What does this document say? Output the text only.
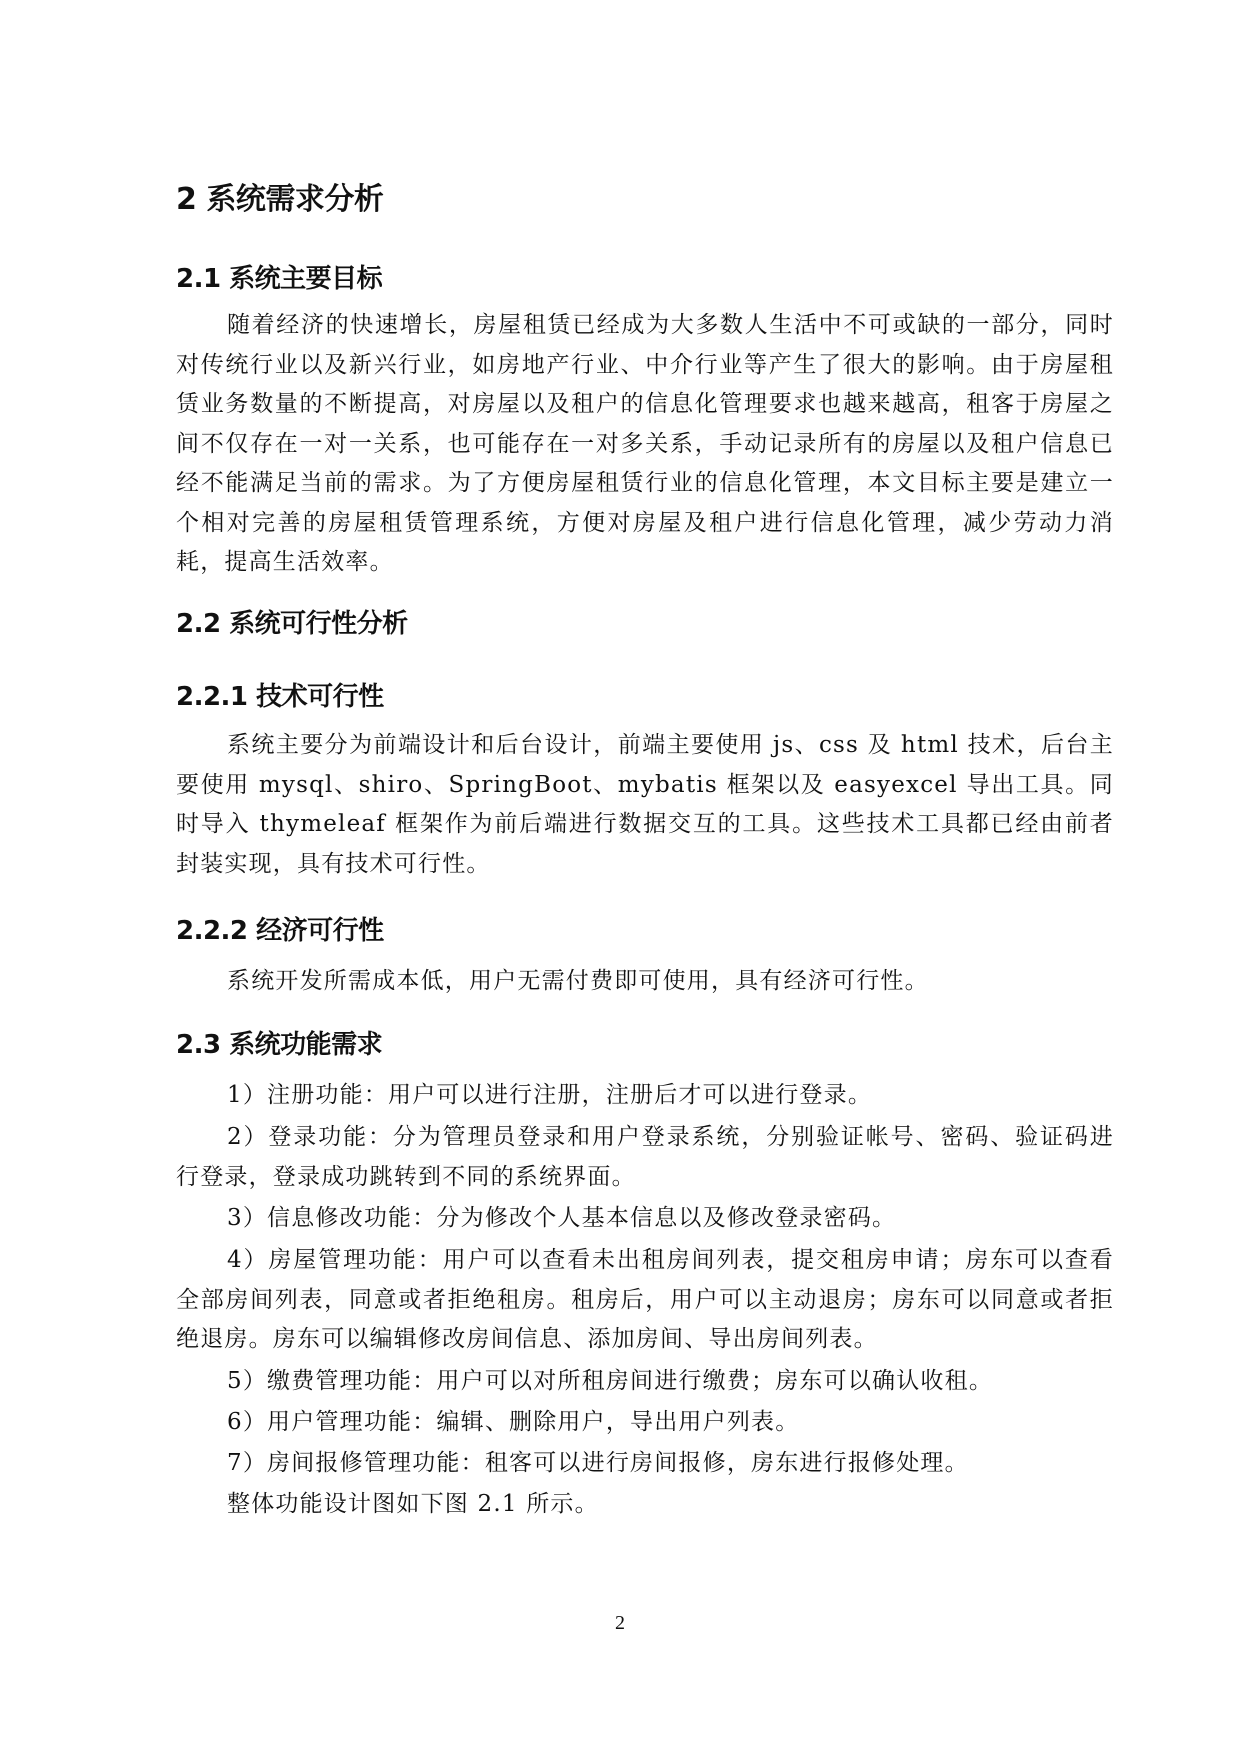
2 系统需求分析
2.1 系统主要目标
随着经济的快速增长，房屋租赁已经成为大多数人生活中不可或缺的一部分，同时对传统行业以及新兴行业，如房地产行业、中介行业等产生了很大的影响。由于房屋租赁业务数量的不断提高，对房屋以及租户的信息化管理要求也越来越高，租客于房屋之间不仅存在一对一关系，也可能存在一对多关系，手动记录所有的房屋以及租户信息已经不能满足当前的需求。为了方便房屋租赁行业的信息化管理，本文目标主要是建立一个相对完善的房屋租赁管理系统，方便对房屋及租户进行信息化管理，减少劳动力消耗，提高生活效率。
2.2 系统可行性分析
2.2.1 技术可行性
系统主要分为前端设计和后台设计，前端主要使用 js、css 及 html 技术，后台主要使用 mysql、shiro、SpringBoot、mybatis 框架以及 easyexcel 导出工具。同时导入 thymeleaf 框架作为前后端进行数据交互的工具。这些技术工具都已经由前者封装实现，具有技术可行性。
2.2.2 经济可行性
系统开发所需成本低，用户无需付费即可使用，具有经济可行性。
2.3 系统功能需求
1）注册功能：用户可以进行注册，注册后才可以进行登录。
2）登录功能：分为管理员登录和用户登录系统，分别验证帐号、密码、验证码进行登录，登录成功跳转到不同的系统界面。
3）信息修改功能：分为修改个人基本信息以及修改登录密码。
4）房屋管理功能：用户可以查看未出租房间列表，提交租房申请；房东可以查看全部房间列表，同意或者拒绝租房。租房后，用户可以主动退房；房东可以同意或者拒绝退房。房东可以编辑修改房间信息、添加房间、导出房间列表。
5）缴费管理功能：用户可以对所租房间进行缴费；房东可以确认收租。
6）用户管理功能：编辑、删除用户，导出用户列表。
7）房间报修管理功能：租客可以进行房间报修，房东进行报修处理。
整体功能设计图如下图 2.1 所示。
2
